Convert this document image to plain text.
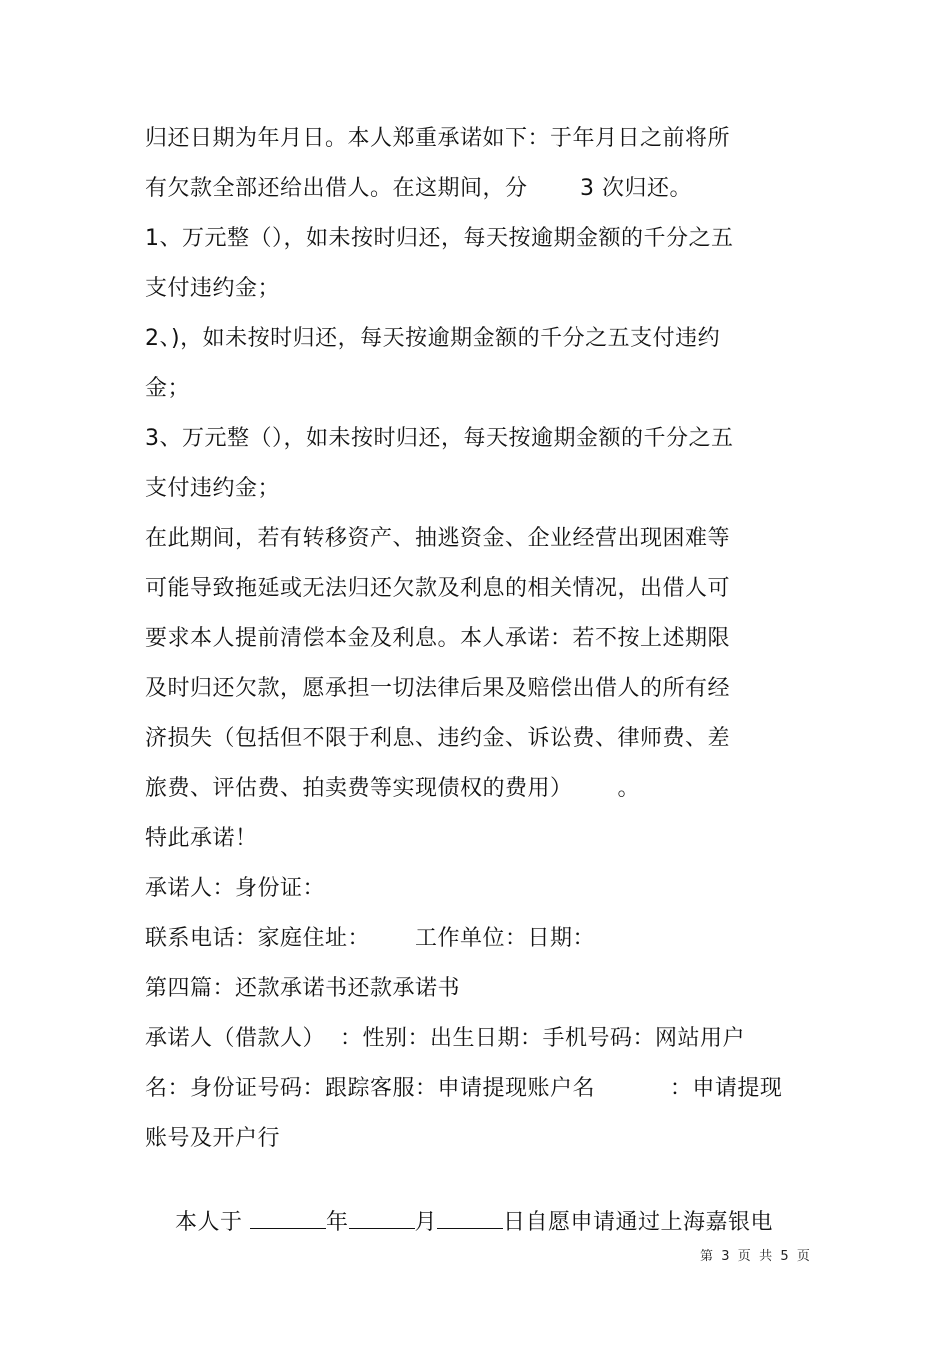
归还日期为年月日。本人郑重承诺如下：于年月日之前将所
有欠款全部还给出借人。在这期间，分       3 次归还。
1、万元整（），如未按时归还，每天按逾期金额的千分之五
支付违约金；
2、)，如未按时归还，每天按逾期金额的千分之五支付违约
金；
3、万元整（），如未按时归还，每天按逾期金额的千分之五
支付违约金；
在此期间，若有转移资产、抽逃资金、企业经营出现困难等
可能导致拖延或无法归还欠款及利息的相关情况，出借人可
要求本人提前清偿本金及利息。本人承诺：若不按上述期限
及时归还欠款，愿承担一切法律后果及赔偿出借人的所有经
济损失（包括但不限于利息、违约金、诉讼费、律师费、差
旅费、评估费、拍卖费等实现债权的费用）      。
特此承诺！
承诺人：身份证：
联系电话：家庭住址：      工作单位：日期：
第四篇：还款承诺书还款承诺书
承诺人（借款人）  ：性别：出生日期：手机号码：网站用户
名：身份证号码：跟踪客服：申请提现账户名          ：申请提现
账号及开户行

本人于	年	月	日自愿申请通过上海嘉银电

第  3  页  共  5  页
